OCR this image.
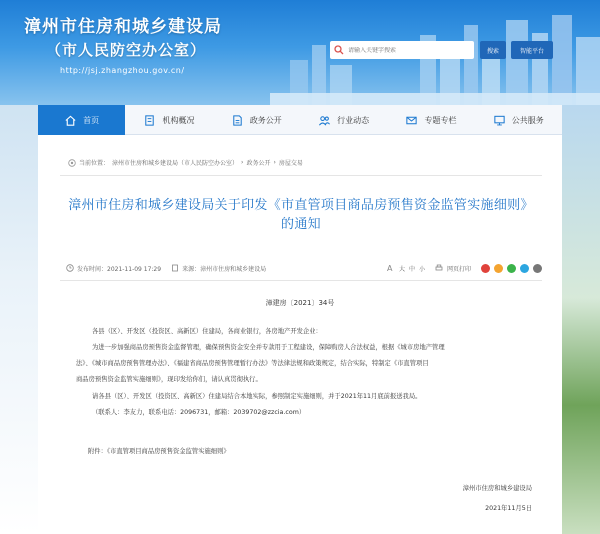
漳州市住房和城乡建设局
（市人民防空办公室）
http://jsj.zhangzhou.gov.cn/
请输入关键字搜索
搜索	智能平台
首页	机构概况	政务公开	行业动态	专题专栏	公共服务
当前位置： 漳州市住房和城乡建设局（市人民防空办公室） › 政务公开 › 房屋交易
漳州市住房和城乡建设局关于印发《市直管项目商品房预售资金监管实施细则》的通知
发布时间：2021-11-09 17:29	来源：漳州市住房和城乡建设局	A 大 中 小	网页打印
漳建房〔2021〕34号
各县（区）、开发区（投资区、高新区）住建局，各商业银行，各房地产开发企业：
为进一步加强商品房预售资金监督管理，确保预售资金安全并专款用于工程建设，保障购房人合法权益，根据《城市房地产管理
法》、《城市商品房预售管理办法》、《福建省商品房预售管理暂行办法》等法律法规和政策规定，结合实际，特制定《市直管项目
商品房预售资金监管实施细则》，现印发给你们，请认真贯彻执行。
请各县（区）、开发区（投资区、高新区）住建局结合本地实际，参照制定实施细则，并于2021年11月底前报送我局。
（联系人：李友力，联系电话：2096731，邮箱：2039702@zzcia.com）
附件：《市直管项目商品房预售资金监管实施细则》
漳州市住房和城乡建设局
2021年11月5日
